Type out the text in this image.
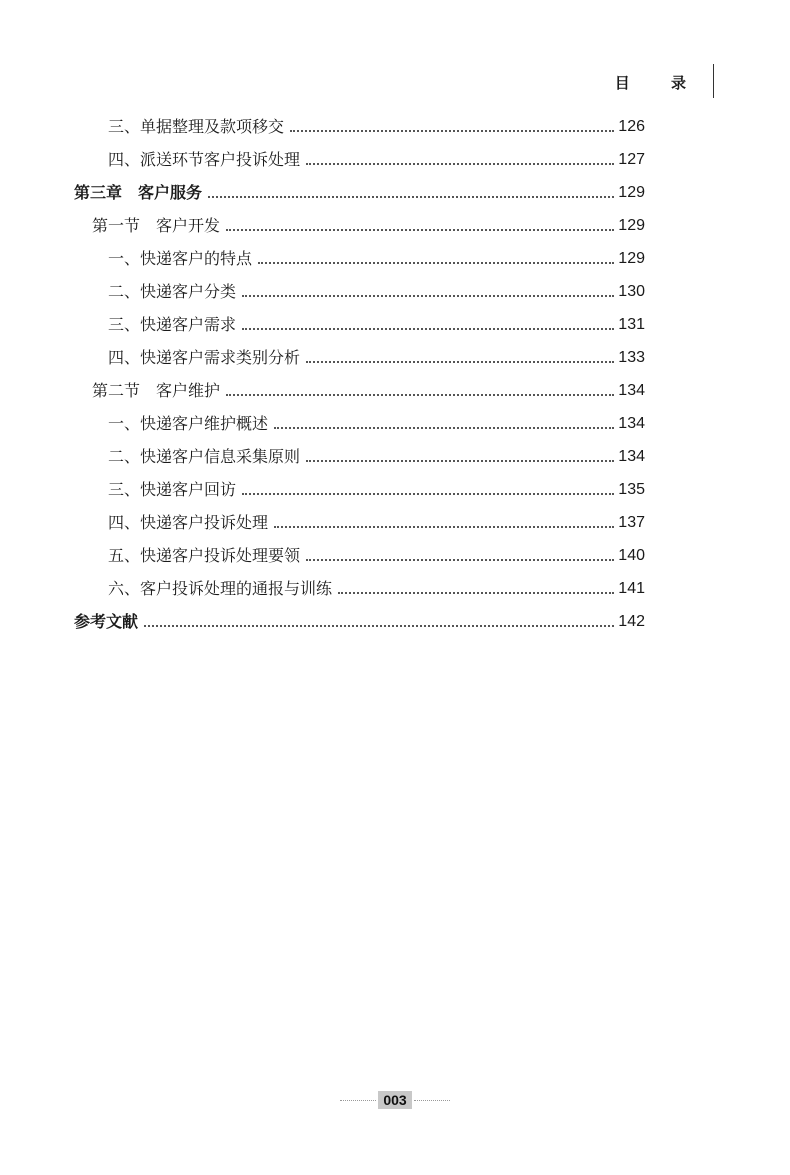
目 录
三、单据整理及款项移交	126
四、派送环节客户投诉处理	127
第三章 客户服务	129
第一节 客户开发	129
一、快递客户的特点	129
二、快递客户分类	130
三、快递客户需求	131
四、快递客户需求类别分析	133
第二节 客户维护	134
一、快递客户维护概述	134
二、快递客户信息采集原则	134
三、快递客户回访	135
四、快递客户投诉处理	137
五、快递客户投诉处理要领	140
六、客户投诉处理的通报与训练	141
参考文献	142
003
